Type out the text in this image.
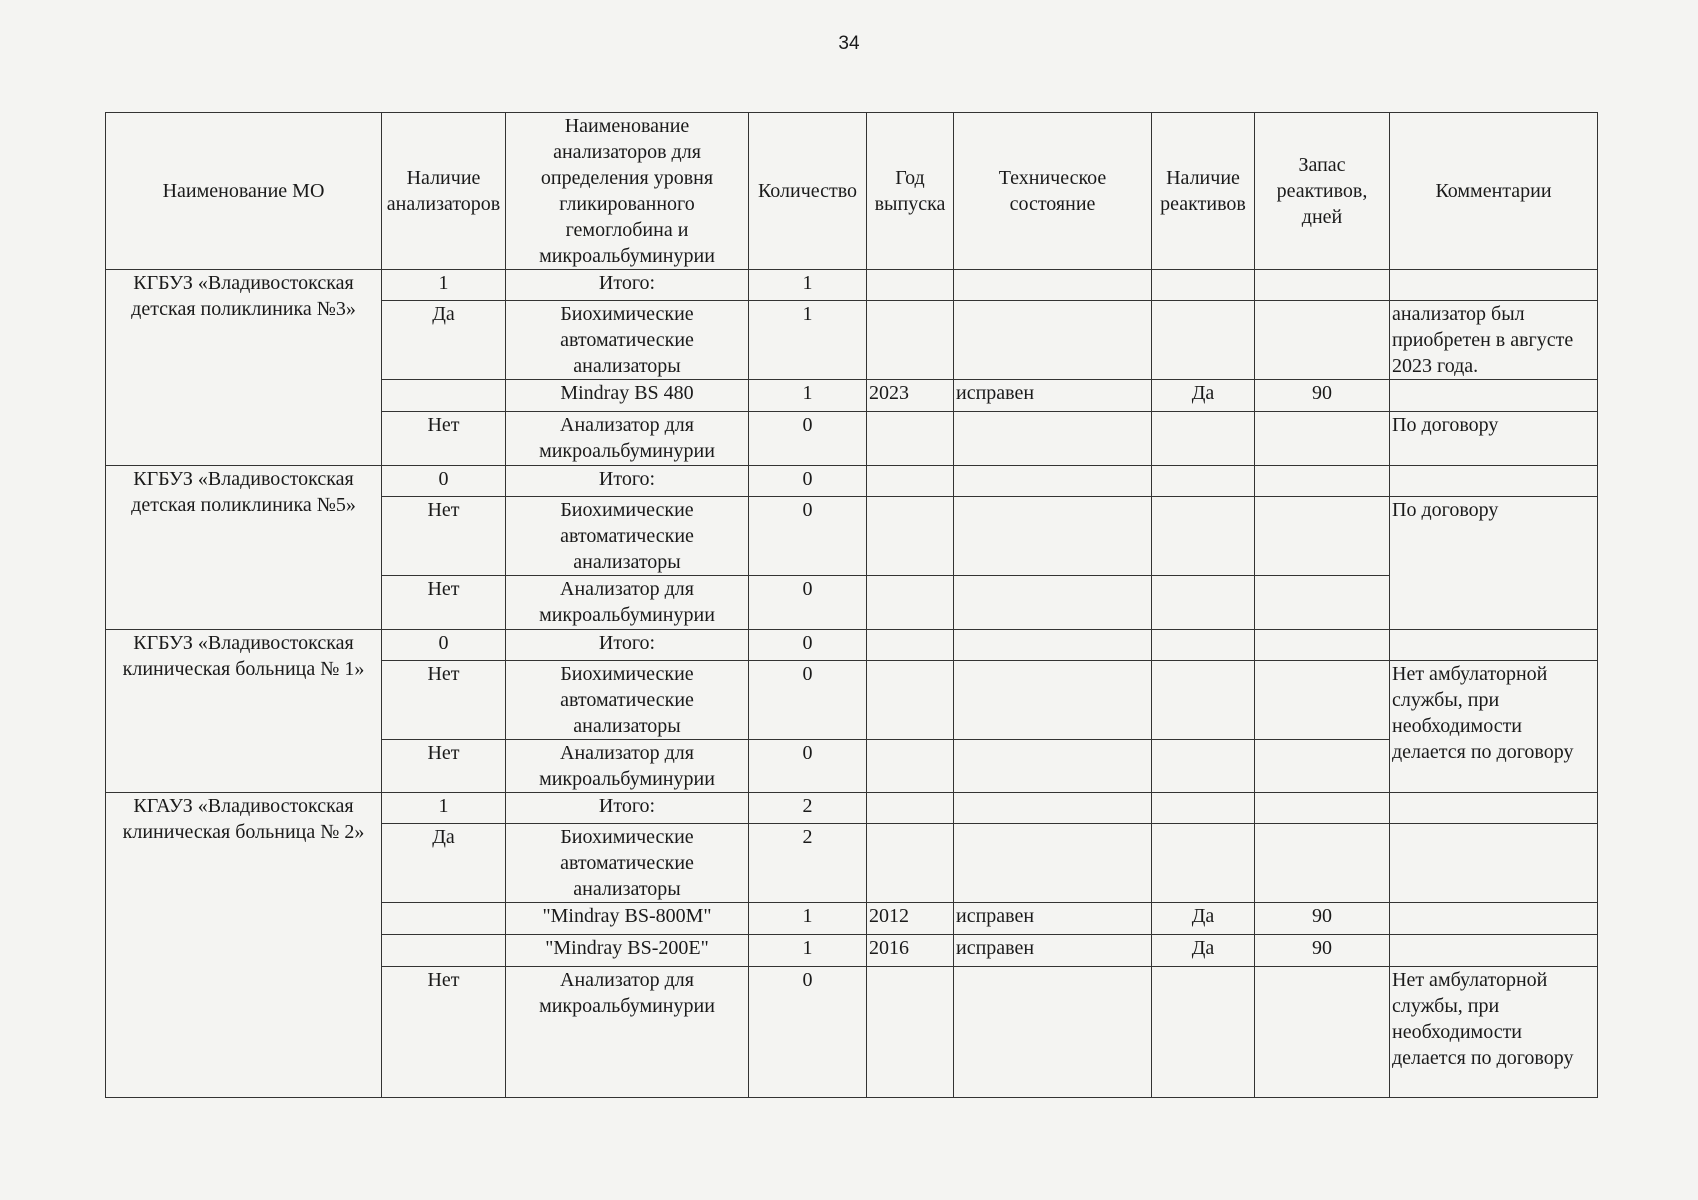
34
Наименование МО	Наличие анализаторов	Наименование анализаторов для определения уровня гликированного гемоглобина и микроальбуминурии	Количество	Год выпуска	Техническое состояние	Наличие реактивов	Запас реактивов, дней	Комментарии
КГБУЗ «Владивостокская детская поликлиника №3»	1	Итого:	1					
	Да	Биохимические автоматические анализаторы	1					анализатор был приобретен в августе 2023 года.
		Mindray BS 480	1	2023	исправен	Да	90	
	Нет	Анализатор для микроальбуминурии	0					По договору
КГБУЗ «Владивостокская детская поликлиника №5»	0	Итого:	0					
	Нет	Биохимические автоматические анализаторы	0					По договору
	Нет	Анализатор для микроальбуминурии	0					
КГБУЗ «Владивостокская клиническая больница № 1»	0	Итого:	0					
	Нет	Биохимические автоматические анализаторы	0					Нет амбулаторной службы, при необходимости делается по договору
	Нет	Анализатор для микроальбуминурии	0					
КГАУЗ «Владивостокская клиническая больница № 2»	1	Итого:	2					
	Да	Биохимические автоматические анализаторы	2					
		"Mindray BS-800M"	1	2012	исправен	Да	90	
		"Mindray BS-200E"	1	2016	исправен	Да	90	
	Нет	Анализатор для микроальбуминурии	0					Нет амбулаторной службы, при необходимости делается по договору
